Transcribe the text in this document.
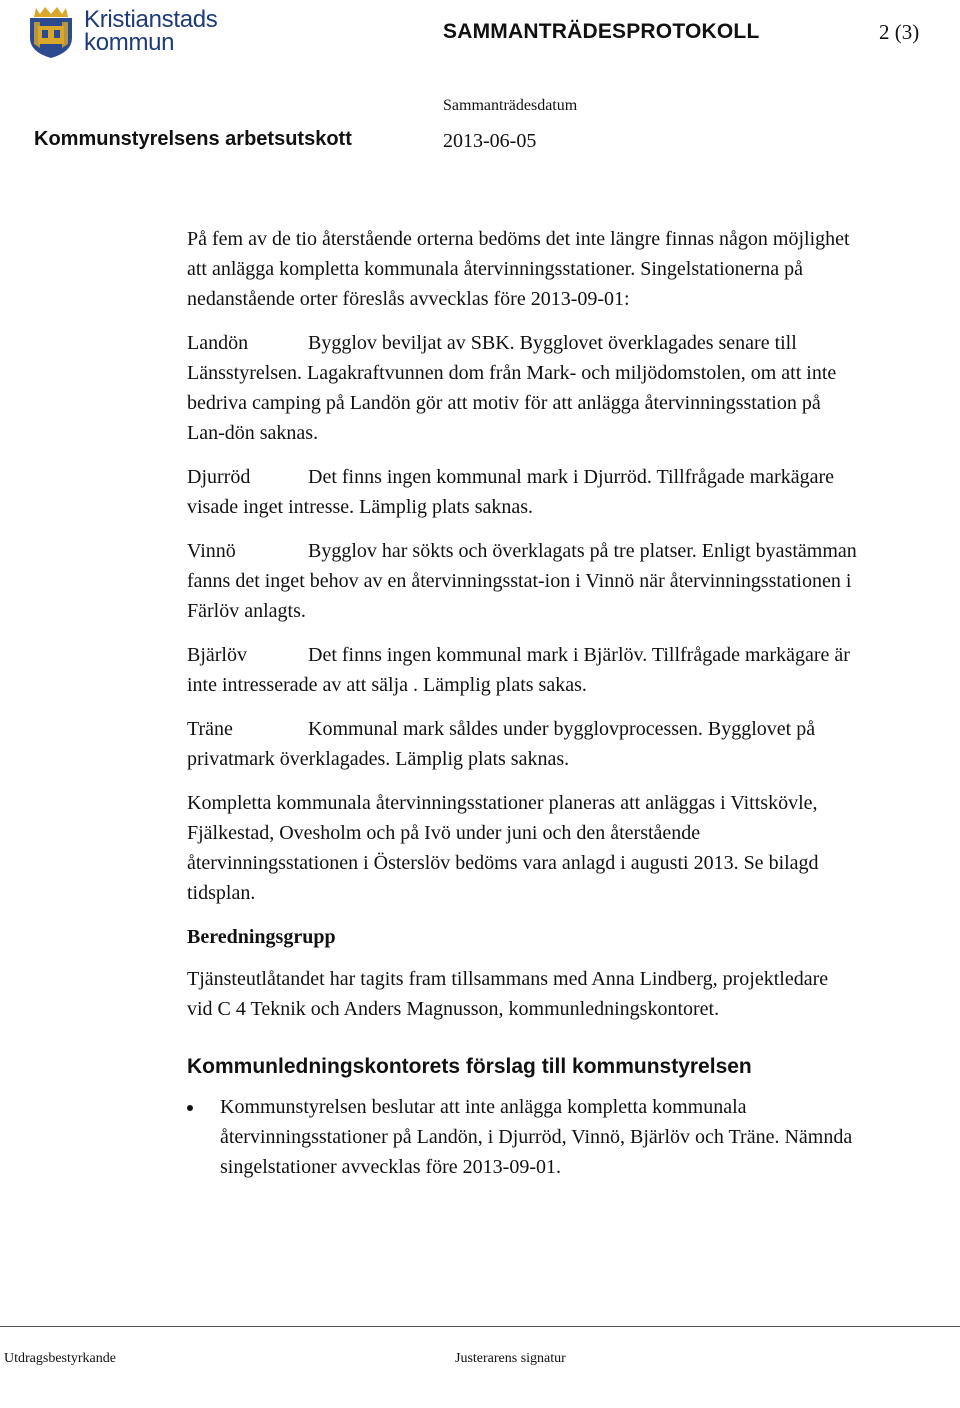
Kristianstads
kommun	SAMMANTRÄDESPROTOKOLL	2 (3)
Kommunstyrelsens arbetsutskott
Sammanträdesdatum
2013-06-05

På fem av de tio återstående orterna bedöms det inte längre finnas någon möjlighet att anlägga kompletta kommunala återvinningsstationer. Singelstationerna på nedanstående orter föreslås avvecklas före 2013-09-01:

Landön	Bygglov beviljat av SBK. Bygglovet överklagades senare till Länsstyrelsen. Lagakraftvunnen dom från Mark- och miljödomstolen, om att inte bedriva camping på Landön gör att motiv för att anlägga återvinningsstation på Lan-dön saknas.

Djurröd	Det finns ingen kommunal mark i Djurröd. Tillfrågade markägare visade inget intresse. Lämplig plats saknas.

Vinnö	Bygglov har sökts och överklagats på tre platser. Enligt byastämman fanns det inget behov av en återvinningsstat-ion i Vinnö när återvinningsstationen i Färlöv anlagts.

Bjärlöv	Det finns ingen kommunal mark i Bjärlöv. Tillfrågade markägare är inte intresserade av att sälja . Lämplig plats sakas.

Träne	Kommunal mark såldes under bygglovprocessen. Bygglovet på privatmark överklagades. Lämplig plats saknas.

Kompletta kommunala återvinningsstationer planeras att anläggas i Vittskövle, Fjälkestad, Ovesholm och på Ivö under juni och den återstående återvinningsstationen i Österslöv bedöms vara anlagd i augusti 2013. Se bilagd tidsplan.

Beredningsgrupp

Tjänsteutlåtandet har tagits fram tillsammans med Anna Lindberg, projektledare vid C 4 Teknik och Anders Magnusson, kommunledningskontoret.

Kommunledningskontorets förslag till kommunstyrelsen

Kommunstyrelsen beslutar att inte anlägga kompletta kommunala återvinningsstationer på Landön, i Djurröd, Vinnö, Bjärlöv och Träne. Nämnda singelstationer avvecklas före 2013-09-01.
Utdragsbestyrkande	Justerarens signatur
